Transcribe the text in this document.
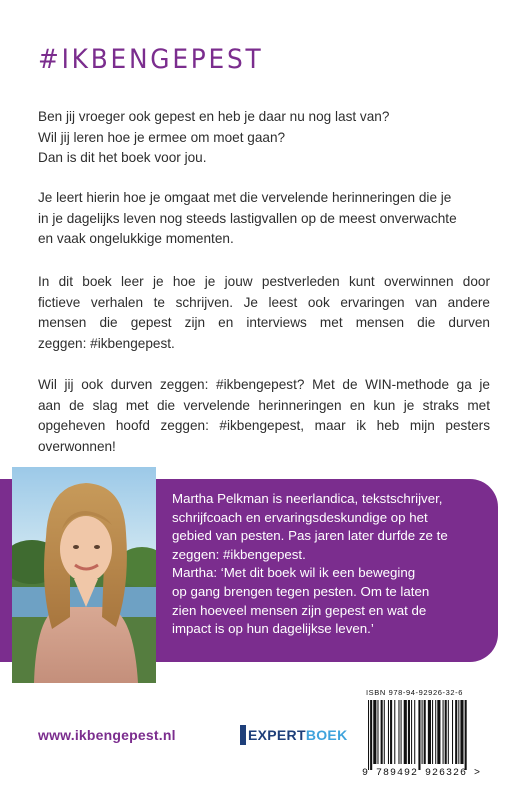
#IKBENGEPEST
Ben jij vroeger ook gepest en heb je daar nu nog last van?
Wil jij leren hoe je ermee om moet gaan?
Dan is dit het boek voor jou.
Je leert hierin hoe je omgaat met die vervelende herinneringen die je
in je dagelijks leven nog steeds lastigvallen op de meest onverwachte
en vaak ongelukkige momenten.
In dit boek leer je hoe je jouw pestverleden kunt overwinnen door
fictieve verhalen te schrijven. Je leest ook ervaringen van andere
mensen die gepest zijn en interviews met mensen die durven
zeggen: #ikbengepest.
Wil jij ook durven zeggen: #ikbengepest? Met de WIN-methode ga je
aan de slag met die vervelende herinneringen en kun je straks met
opgeheven hoofd zeggen: #ikbengepest, maar ik heb mijn pesters
overwonnen!
Martha Pelkman is neerlandica, tekstschrijver,
schrijfcoach en ervaringsdeskundige op het
gebied van pesten. Pas jaren later durfde ze te
zeggen: #ikbengepest.
Martha: ‘Met dit boek wil ik een beweging
op gang brengen tegen pesten. Om te laten
zien hoeveel mensen zijn gepest en wat de
impact is op hun dagelijkse leven.’
www.ikbengepest.nl	EXPERT BOEK
ISBN 978-94-92926-32-6
9 789492 926326 >
